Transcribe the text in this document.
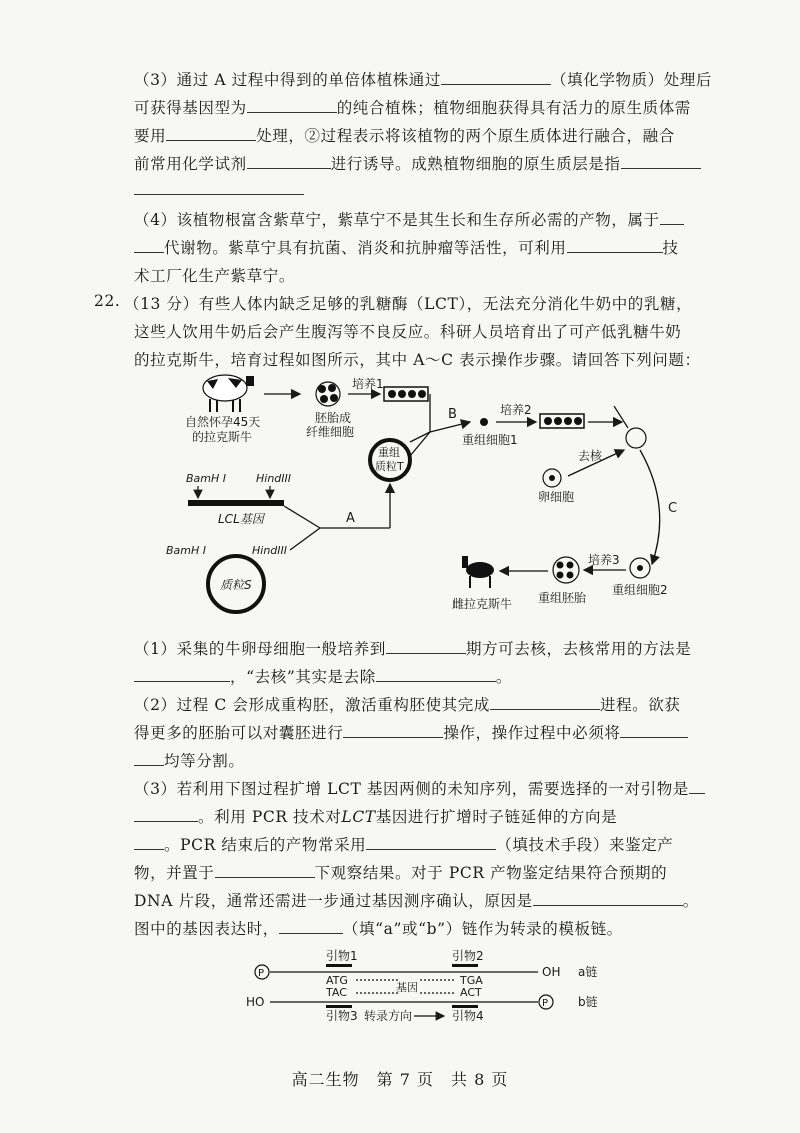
（3）通过 A 过程中得到的单倍体植株通过	（填化学物质）处理后
可获得基因型为	的纯合植株；植物细胞获得具有活力的原生质体需
要用	处理，②过程表示将该植物的两个原生质体进行融合，融合
前常用化学试剂	进行诱导。成熟植物细胞的原生质层是指
（4）该植物根富含紫草宁，紫草宁不是其生长和生存所必需的产物，属于
代谢物。紫草宁具有抗菌、消炎和抗肿瘤等活性，可利用	技
术工厂化生产紫草宁。
22. （13 分）有些人体内缺乏足够的乳糖酶（LCT），无法充分消化牛奶中的乳糖，
这些人饮用牛奶后会产生腹泻等不良反应。科研人员培育出了可产低乳糖牛奶
的拉克斯牛，培育过程如图所示，其中 A～C 表示操作步骤。请回答下列问题：
自然怀孕45天
的拉克斯牛
胚胎成
纤维细胞
培养1
B
重组细胞1
培养2
去核
卵细胞
C
重组细胞2
培养3
重组胚胎
雌拉克斯牛
重组
质粒T
BamH Ⅰ	HindIII
LCL基因	A
BamH Ⅰ	HindIII
质粒S
（1）采集的牛卵母细胞一般培养到	期方可去核，去核常用的方法是
，“去核”其实是去除	。
（2）过程 C 会形成重构胚，激活重构胚使其完成	进程。欲获
得更多的胚胎可以对囊胚进行	操作，操作过程中必须将
均等分割。
（3）若利用下图过程扩增 LCT 基因两侧的未知序列，需要选择的一对引物是
。利用 PCR 技术对LCT基因进行扩增时子链延伸的方向是
。PCR 结束后的产物常采用	（填技术手段）来鉴定产
物，并置于	下观察结果。对于 PCR 产物鉴定结果符合预期的
DNA 片段，通常还需进一步通过基因测序确认，原因是	。
图中的基因表达时，	（填“a”或“b”）链作为转录的模板链。
P	OH a链
引物1	引物2
ATG
TAC
TGA
ACT
基因
HO	P b链
引物3 转录方向	引物4
高二生物　第 7 页　共 8 页
